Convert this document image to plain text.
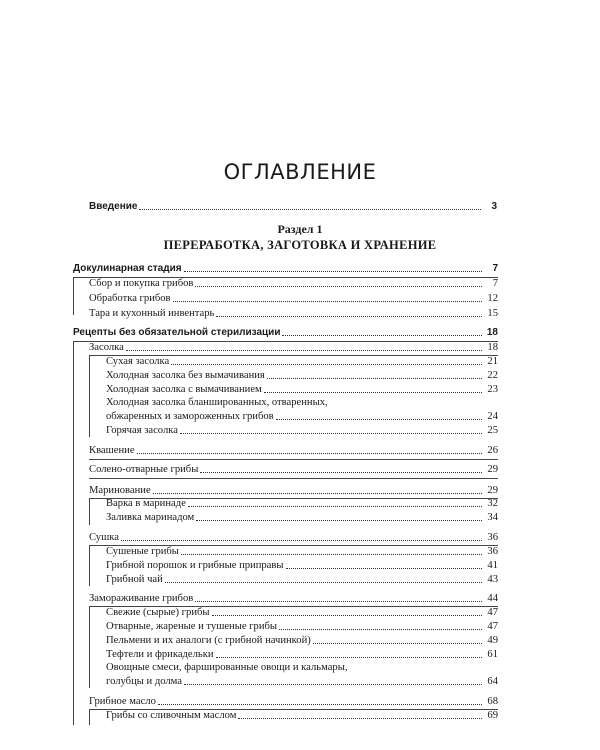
ОГЛАВЛЕНИЕ
Введение	3
Раздел 1
ПЕРЕРАБОТКА, ЗАГОТОВКА И ХРАНЕНИЕ
Докулинарная стадия	7
Сбор и покупка грибов	7
Обработка грибов	12
Тара и кухонный инвентарь	15
Рецепты без обязательной стерилизации	18
Засолка	18
Сухая засолка	21
Холодная засолка без вымачивания	22
Холодная засолка с вымачиванием	23
Холодная засолка бланшированных, отваренных,
обжаренных и замороженных грибов	24
Горячая засолка	25
Квашение	26
Солено-отварные грибы	29
Маринование	29
Варка в маринаде	32
Заливка маринадом	34
Сушка	36
Сушеные грибы	36
Грибной порошок и грибные приправы	41
Грибной чай	43
Замораживание грибов	44
Свежие (сырые) грибы	47
Отварные, жареные и тушеные грибы	47
Пельмени и их аналоги (с грибной начинкой)	49
Тефтели и фрикадельки	61
Овощные смеси, фаршированные овощи и кальмары,
голубцы и долма	64
Грибное масло	68
Грибы со сливочным маслом	69
